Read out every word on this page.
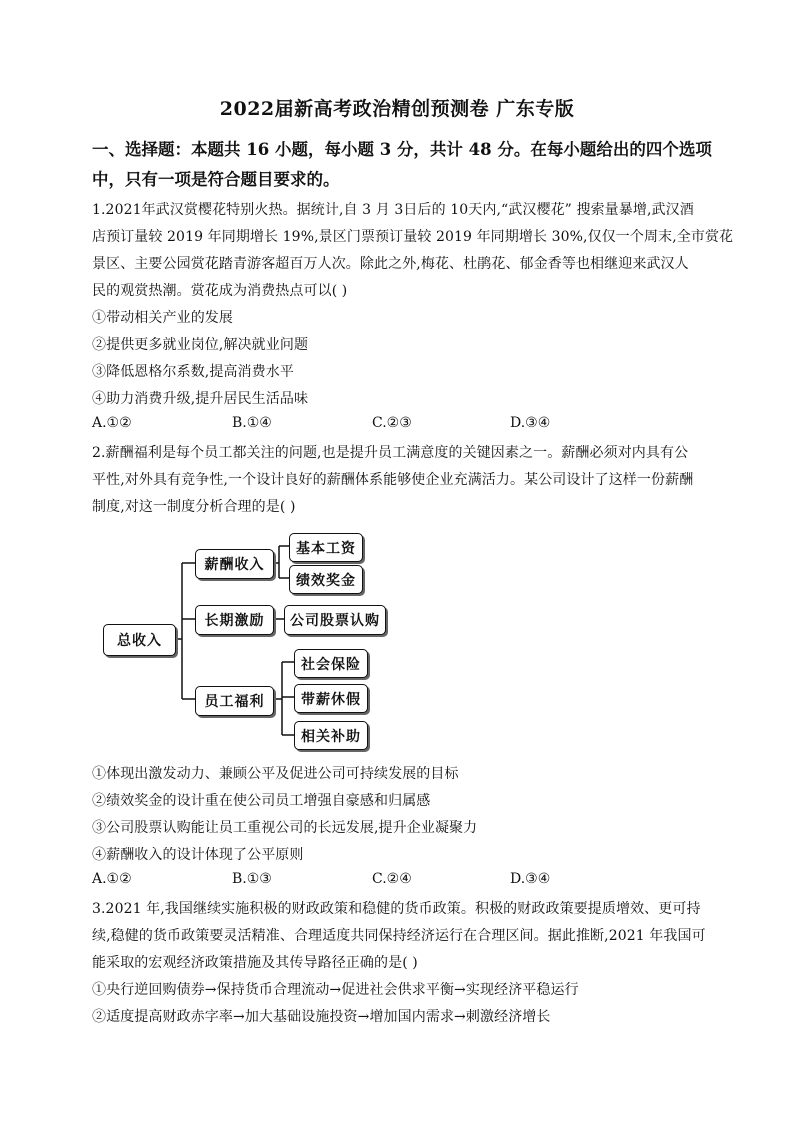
2022届新高考政治精创预测卷 广东专版
一、选择题：本题共 16 小题，每小题 3 分，共计 48 分。在每小题给出的四个选项
中，只有一项是符合题目要求的。
1.2021年武汉赏樱花特别火热。据统计,自 3 月 3日后的 10天内,“武汉樱花” 搜索量暴增,武汉酒
店预订量较 2019 年同期增长 19%,景区门票预订量较 2019 年同期增长 30%,仅仅一个周末,全市赏花
景区、主要公园赏花踏青游客超百万人次。除此之外,梅花、杜鹃花、郁金香等也相继迎来武汉人
民的观赏热潮。赏花成为消费热点可以( )
①带动相关产业的发展
②提供更多就业岗位,解决就业问题
③降低恩格尔系数,提高消费水平
④助力消费升级,提升居民生活品味
A.①②	B.①④	C.②③	D.③④
2.薪酬福利是每个员工都关注的问题,也是提升员工满意度的关键因素之一。薪酬必须对内具有公
平性,对外具有竞争性,一个设计良好的薪酬体系能够使企业充满活力。某公司设计了这样一份薪酬
制度,对这一制度分析合理的是( )
总收入
薪酬收入
长期激励
员工福利
基本工资
绩效奖金
公司股票认购
社会保险
带薪休假
相关补助
①体现出激发动力、兼顾公平及促进公司可持续发展的目标
②绩效奖金的设计重在使公司员工增强自豪感和归属感
③公司股票认购能让员工重视公司的长远发展,提升企业凝聚力
④薪酬收入的设计体现了公平原则
A.①②	B.①③	C.②④	D.③④
3.2021 年,我国继续实施积极的财政政策和稳健的货币政策。积极的财政政策要提质增效、更可持
续,稳健的货币政策要灵活精准、合理适度共同保持经济运行在合理区间。据此推断,2021 年我国可
能采取的宏观经济政策措施及其传导路径正确的是( )
①央行逆回购债券→保持货币合理流动→促进社会供求平衡→实现经济平稳运行
②适度提高财政赤字率→加大基础设施投资→增加国内需求→刺激经济增长
